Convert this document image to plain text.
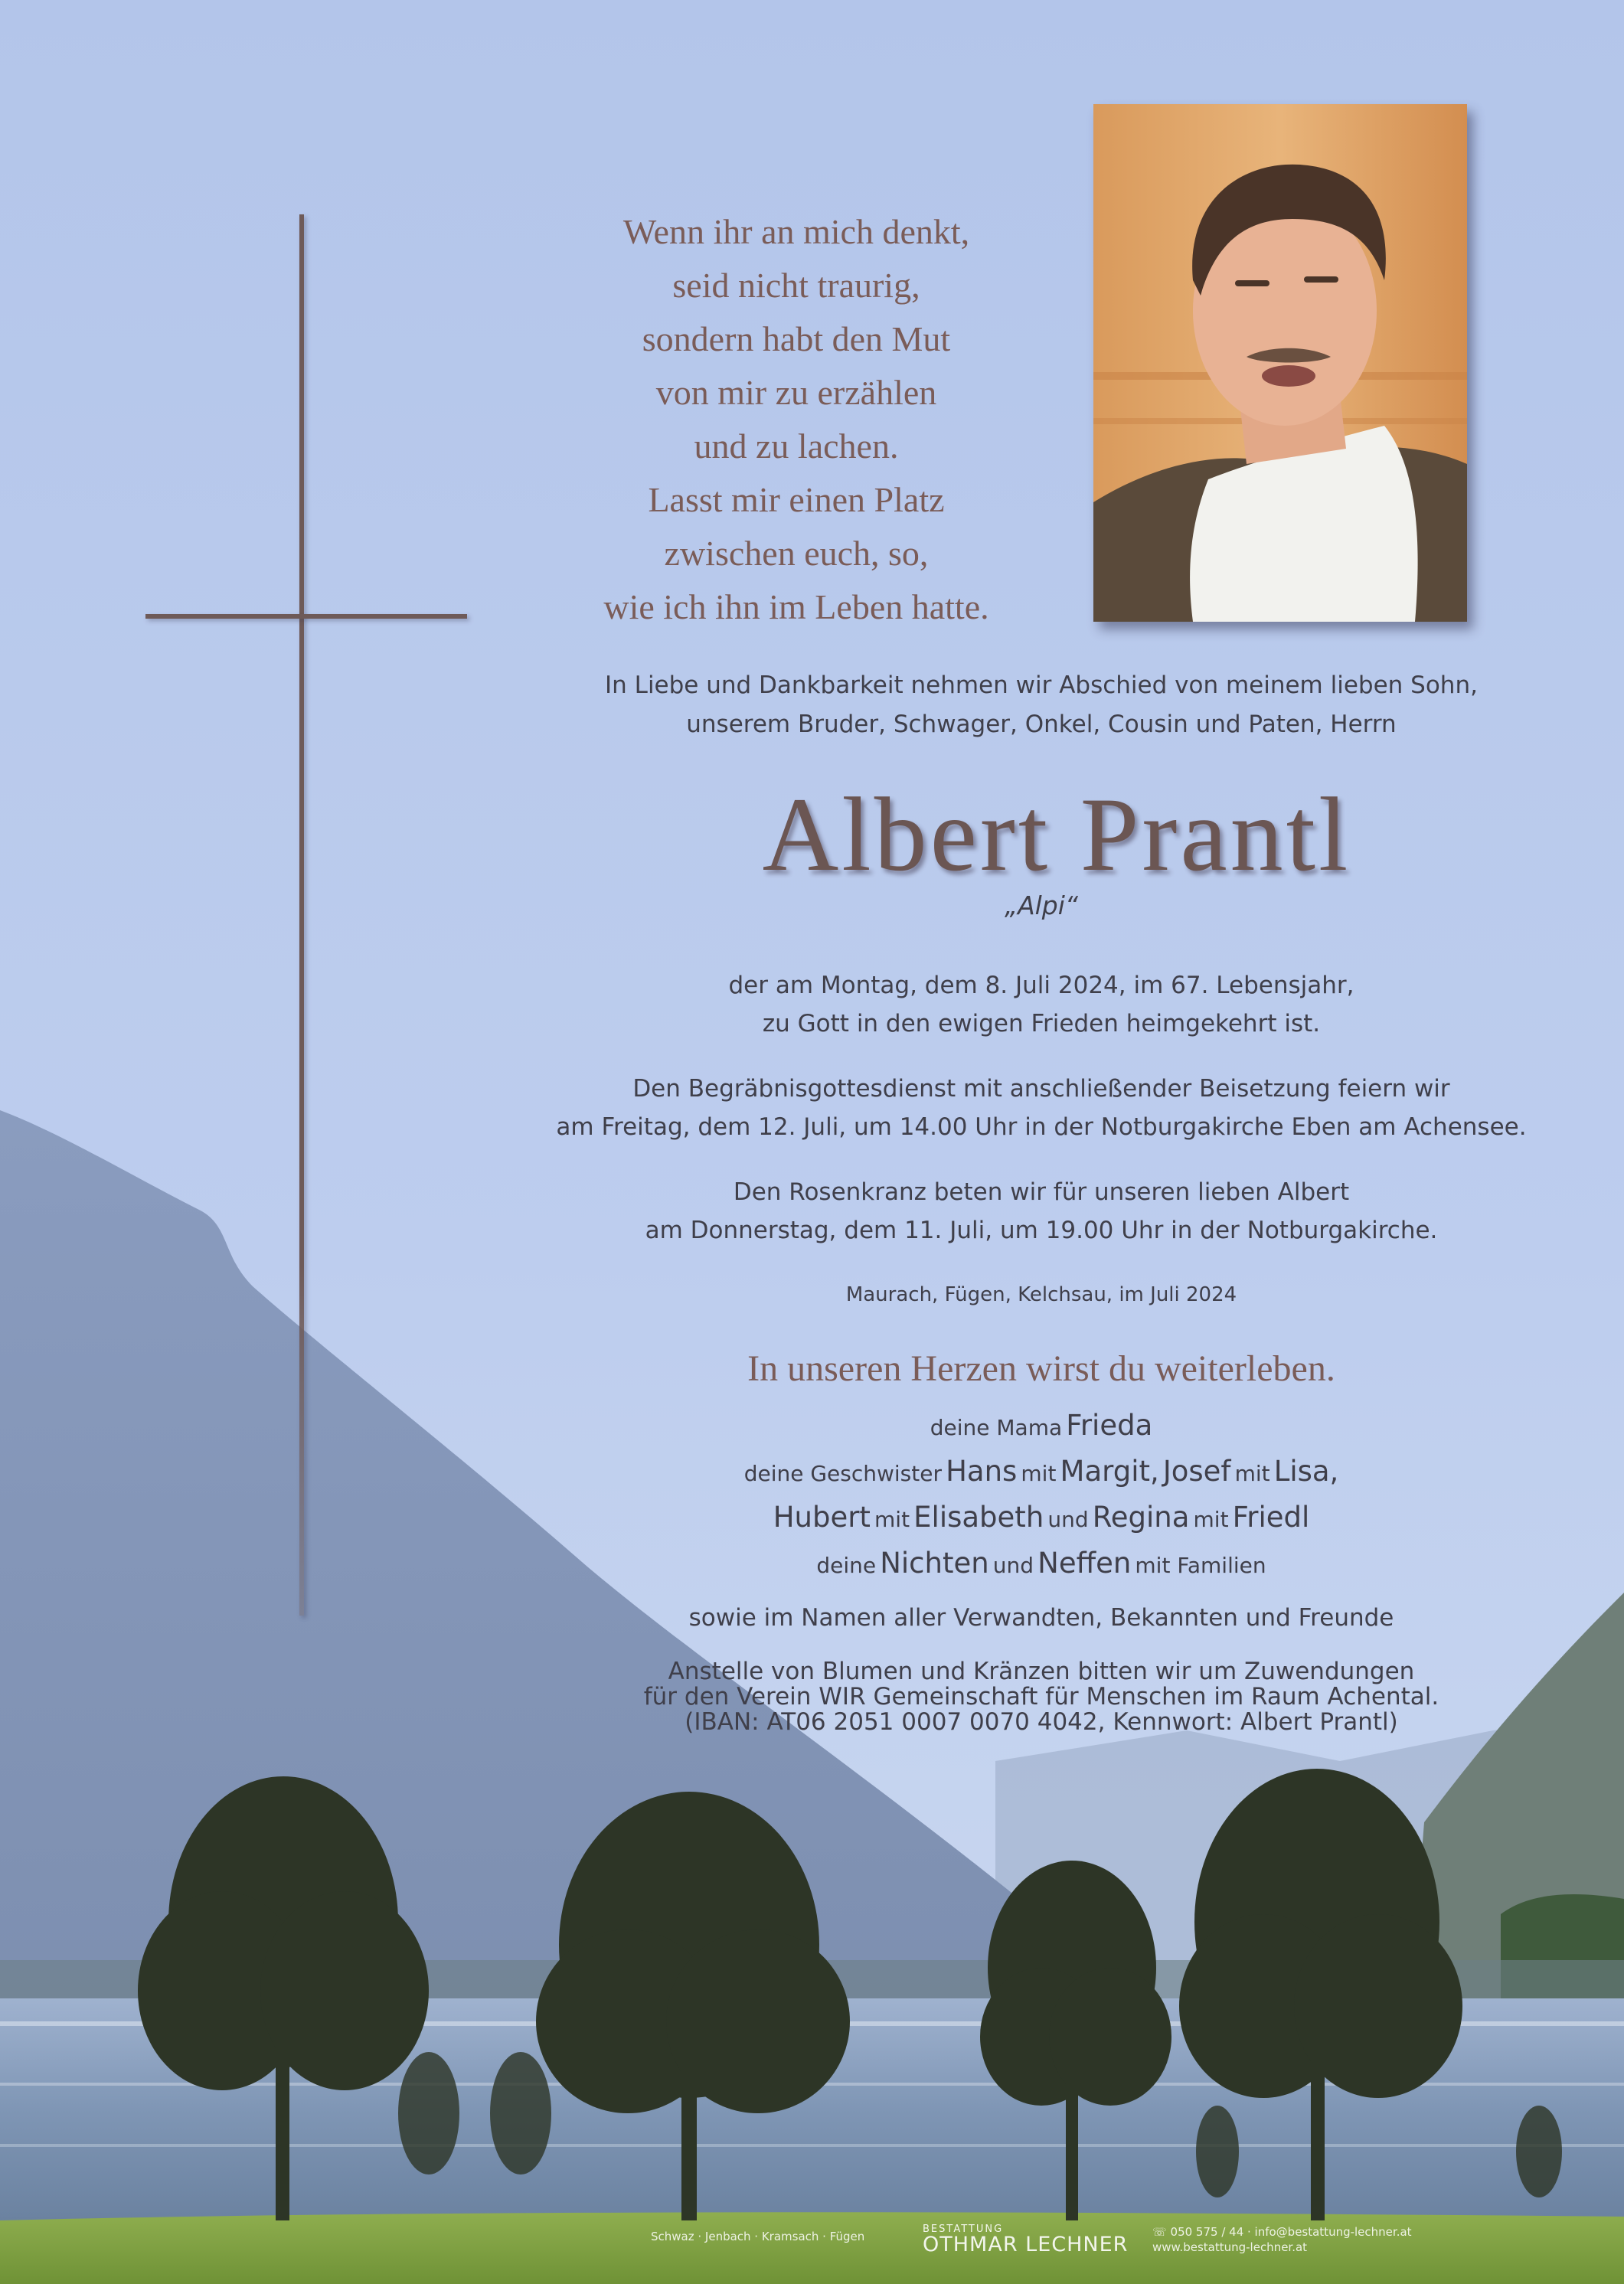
Wenn ihr an mich denkt,
seid nicht traurig,
sondern habt den Mut
von mir zu erzählen
und zu lachen.
Lasst mir einen Platz
zwischen euch, so,
wie ich ihn im Leben hatte.
In Liebe und Dankbarkeit nehmen wir Abschied von meinem lieben Sohn,
unserem Bruder, Schwager, Onkel, Cousin und Paten, Herrn
Albert Prantl
„Alpi“
der am Montag, dem 8. Juli 2024, im 67. Lebensjahr,
zu Gott in den ewigen Frieden heimgekehrt ist.
Den Begräbnisgottesdienst mit anschließender Beisetzung feiern wir
am Freitag, dem 12. Juli, um 14.00 Uhr in der Notburgakirche Eben am Achensee.
Den Rosenkranz beten wir für unseren lieben Albert
am Donnerstag, dem 11. Juli, um 19.00 Uhr in der Notburgakirche.
Maurach, Fügen, Kelchsau, im Juli 2024
In unseren Herzen wirst du weiterleben.
deine Mama Frieda
deine Geschwister Hans mit Margit, Josef mit Lisa,
Hubert mit Elisabeth und Regina mit Friedl
deine Nichten und Neffen mit Familien
sowie im Namen aller Verwandten, Bekannten und Freunde
Anstelle von Blumen und Kränzen bitten wir um Zuwendungen
für den Verein WIR Gemeinschaft für Menschen im Raum Achental.
(IBAN: AT06 2051 0007 0070 4042, Kennwort: Albert Prantl)
Schwaz · Jenbach · Kramsach · Fügen
BESTATTUNG
OTHMAR LECHNER
☏ 050 575 / 44 · info@bestattung-lechner.at
www.bestattung-lechner.at
